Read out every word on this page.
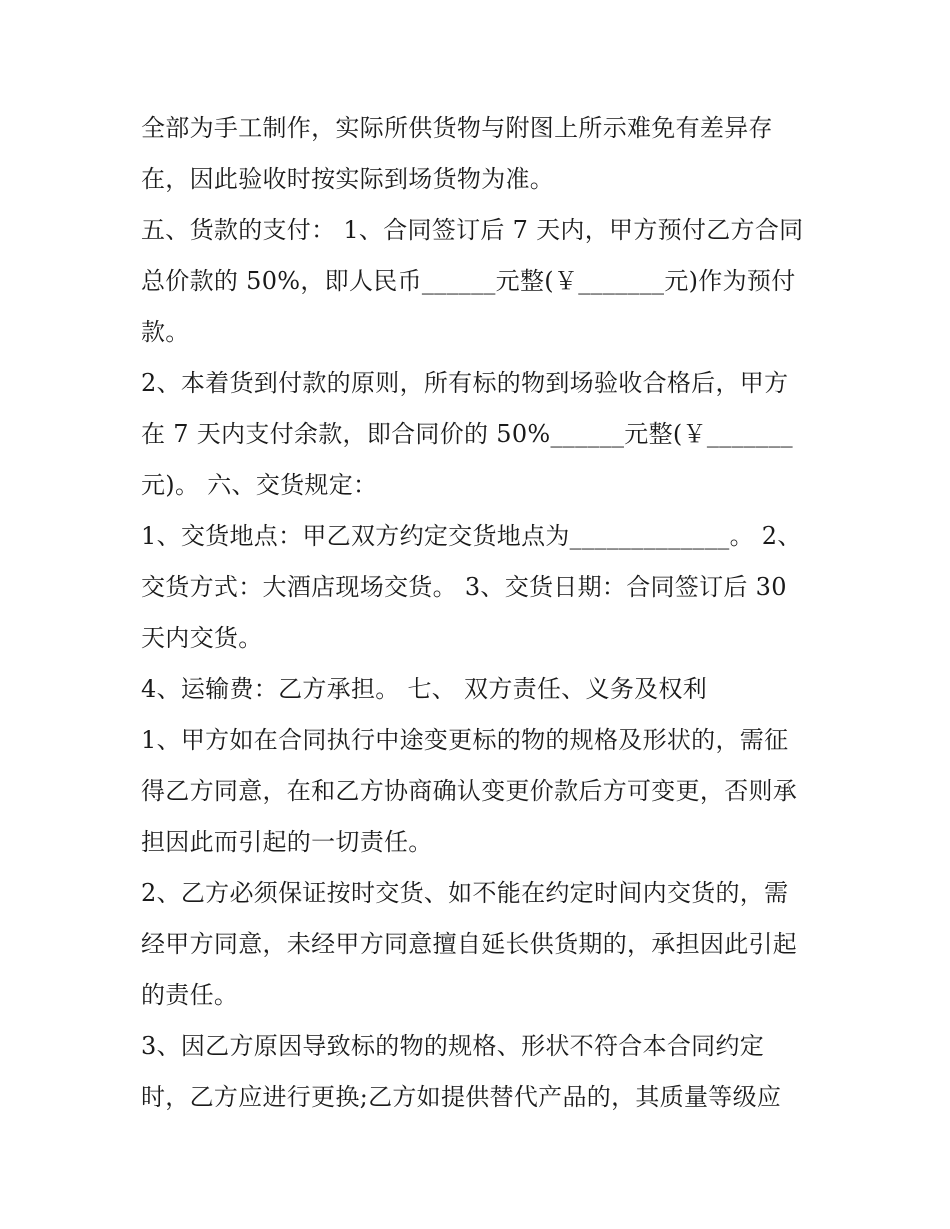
全部为手工制作，实际所供货物与附图上所示难免有差异存
在，因此验收时按实际到场货物为准。
五、货款的支付： 1、合同签订后 7 天内，甲方预付乙方合同
总价款的 50%，即人民币______元整(￥_______元)作为预付
款。
2、本着货到付款的原则，所有标的物到场验收合格后，甲方
在 7 天内支付余款，即合同价的 50%______元整(￥_______
元)。 六、交货规定：
1、交货地点：甲乙双方约定交货地点为_____________。 2、
交货方式：大酒店现场交货。 3、交货日期：合同签订后 30
天内交货。
4、运输费：乙方承担。 七、 双方责任、义务及权利
1、甲方如在合同执行中途变更标的物的规格及形状的，需征
得乙方同意，在和乙方协商确认变更价款后方可变更，否则承
担因此而引起的一切责任。
2、乙方必须保证按时交货、如不能在约定时间内交货的，需
经甲方同意，未经甲方同意擅自延长供货期的，承担因此引起
的责任。
3、因乙方原因导致标的物的规格、形状不符合本合同约定
时，乙方应进行更换;乙方如提供替代产品的，其质量等级应
